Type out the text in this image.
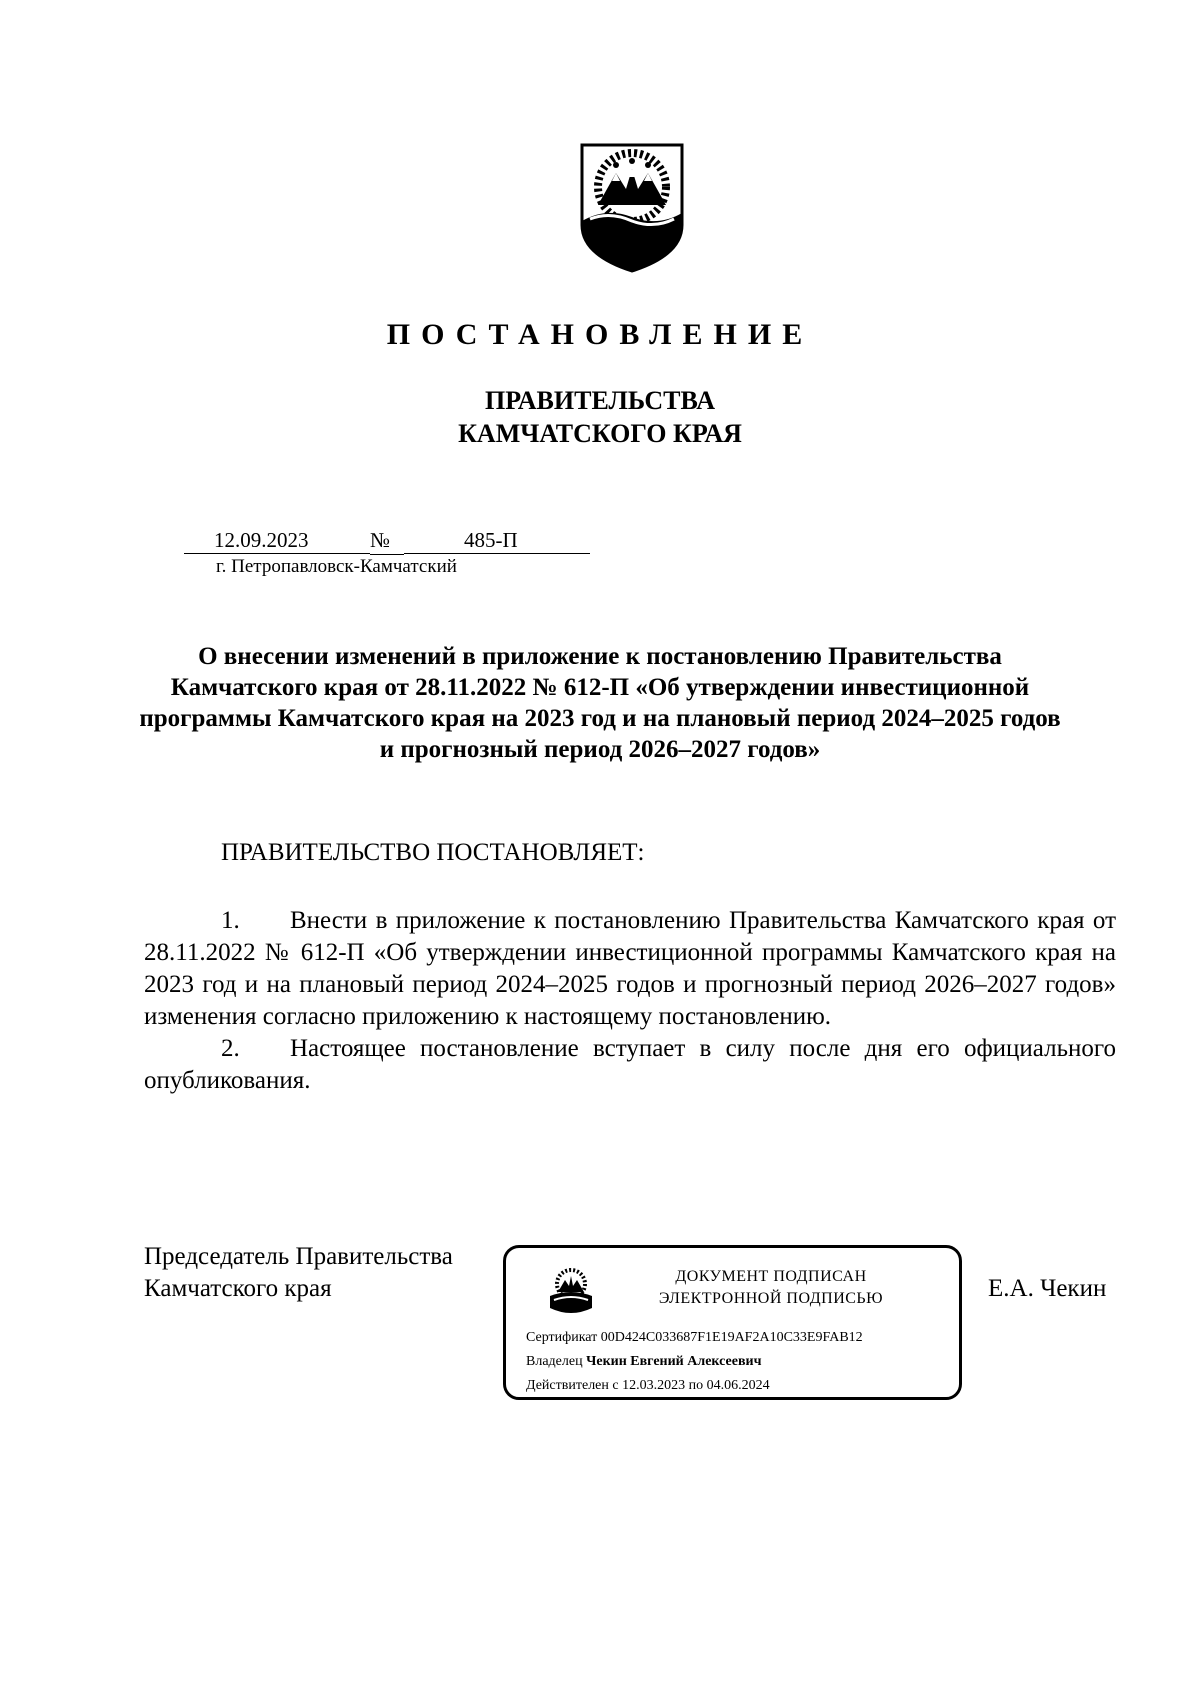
ПОСТАНОВЛЕНИЕ
ПРАВИТЕЛЬСТВА
КАМЧАТСКОГО КРАЯ
12.09.2023	№	485-П
г. Петропавловск-Камчатский
О внесении изменений в приложение к постановлению Правительства Камчатского края от 28.11.2022 № 612-П «Об утверждении инвестиционной программы Камчатского края на 2023 год и на плановый период 2024–2025 годов и прогнозный период 2026–2027 годов»
ПРАВИТЕЛЬСТВО ПОСТАНОВЛЯЕТ:

1. Внести в приложение к постановлению Правительства Камчатского края от 28.11.2022 № 612-П «Об утверждении инвестиционной программы Камчатского края на 2023 год и на плановый период 2024–2025 годов и прогнозный период 2026–2027 годов» изменения согласно приложению к настоящему постановлению.

2. Настоящее постановление вступает в силу после дня его официального опубликования.

Председатель Правительства
Камчатского края	Е.А. Чекин
ДОКУМЕНТ ПОДПИСАН
ЭЛЕКТРОННОЙ ПОДПИСЬЮ
Сертификат 00D424C033687F1E19AF2A10C33E9FAB12
Владелец Чекин Евгений Алексеевич
Действителен с 12.03.2023 по 04.06.2024
